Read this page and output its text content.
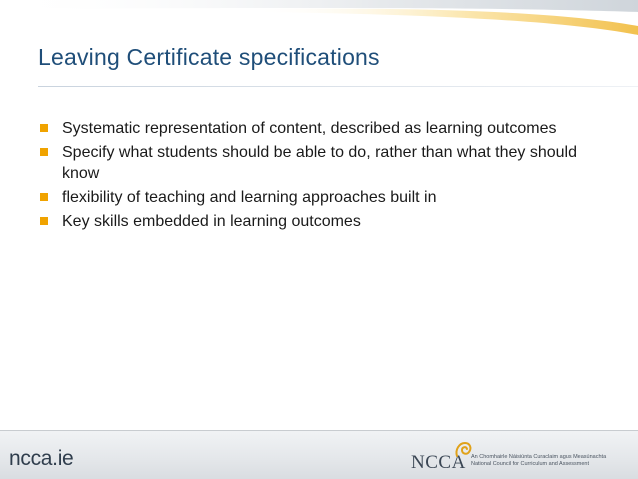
Leaving Certificate specifications
Systematic representation of content, described as learning outcomes
Specify what students should be able to do, rather than what they should know
flexibility of teaching and learning approaches built in
Key skills embedded in learning outcomes
ncca.ie	NCCA An Chomhairle Náisiúnta Curaclaim agus Measúnachta
National Council for Curriculum and Assessment
